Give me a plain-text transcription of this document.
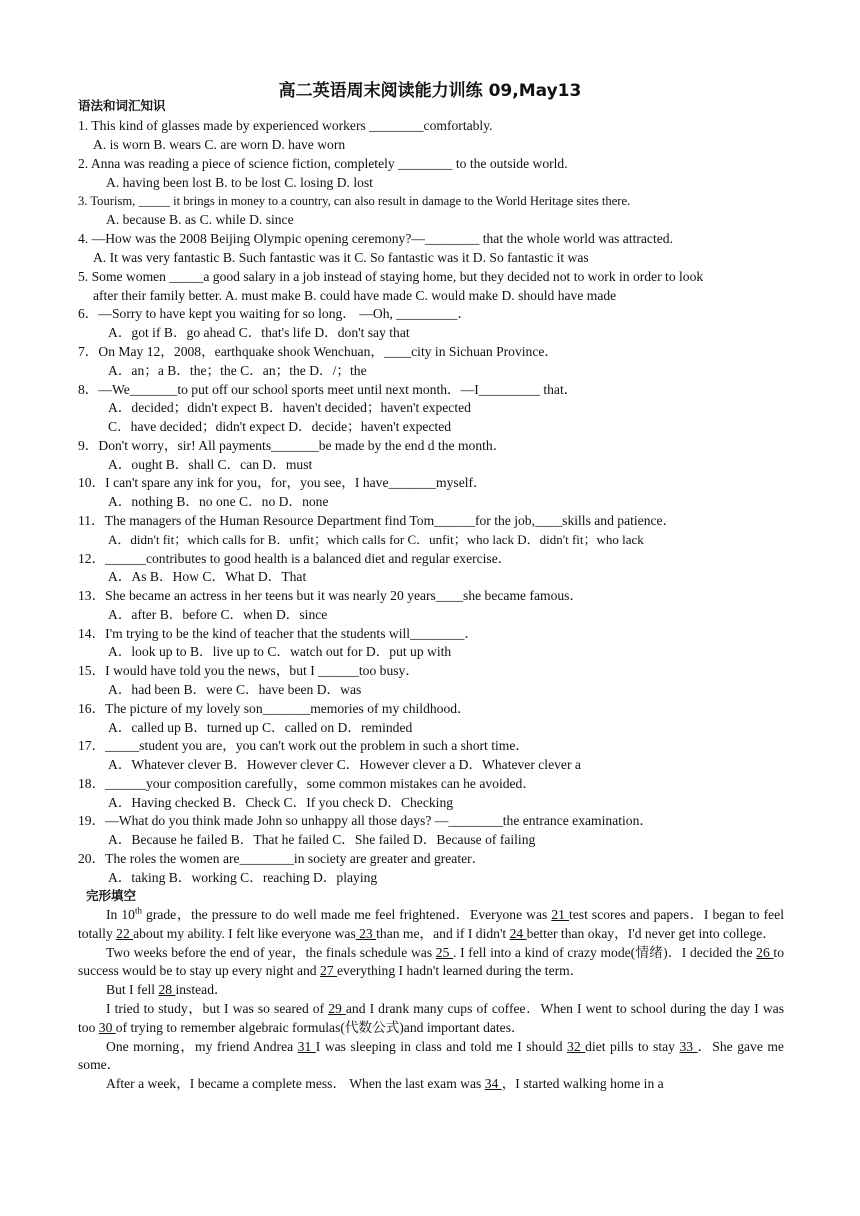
高二英语周末阅读能力训练 09,May13
语法和词汇知识
1. This kind of glasses made by experienced workers ________comfortably.
A. is worn B. wears C. are worn D. have worn
2. Anna was reading a piece of science fiction, completely ________ to the outside world.
A. having been lost B. to be lost C. losing D. lost
3. Tourism, _____ it brings in money to a country, can also result in damage to the World Heritage sites there.
A. because B. as C. while D. since
4. —How was the 2008 Beijing Olympic opening ceremony?—________ that the whole world was attracted.
A. It was very fantastic B. Such fantastic was it C. So fantastic was it D. So fantastic it was
5. Some women _____a good salary in a job instead of staying home, but they decided not to work in order to look
after their family better. A. must make B. could have made C. would make D. should have made
6．—Sorry to have kept you waiting for so long． —Oh, _________．
A．got if B．go ahead C．that's life D．don't say that
7．On May 12，2008，earthquake shook Wenchuan，____city in Sichuan Province．
A．an；a B．the；the C．an；the D．/；the
8．—We_______to put off our school sports meet until next month．—I_________ that．
A．decided；didn't expect B．haven't decided；haven't expected
C．have decided；didn't expect D．decide；haven't expected
9．Don't worry，sir! All payments_______be made by the end d the month．
A．ought B．shall C．can D．must
10．I can't spare any ink for you，for，you see，I have_______myself．
A．nothing B．no one C．no D．none
11．The managers of the Human Resource Department find Tom______for the job,____skills and patience．
A．didn't fit；which calls for B．unfit；which calls for C．unfit；who lack D．didn't fit；who lack
12．______contributes to good health is a balanced diet and regular exercise．
A．As B．How C．What D．That
13．She became an actress in her teens but it was nearly 20 years____she became famous．
A．after B．before C．when D．since
14．I'm trying to be the kind of teacher that the students will________．
A．look up to B．live up to C．watch out for D．put up with
15．I would have told you the news，but I ______too busy．
A．had been B．were C．have been D．was
16．The picture of my lovely son_______memories of my childhood．
A．called up B．turned up C．called on D．reminded
17．_____student you are，you can't work out the problem in such a short time．
A．Whatever clever B．However clever C．However clever a D．Whatever clever a
18．______your composition carefully，some common mistakes can he avoided．
A．Having checked B．Check C．If you check D．Checking
19．—What do you think made John so unhappy all those days? —________the entrance examination．
A．Because he failed B．That he failed C．She failed D．Because of failing
20．The roles the women are________in society are greater and greater．
A．taking B．working C．reaching D．playing
完形填空

In 10th grade，the pressure to do well made me feel frightened．Everyone was 21 test scores and papers．I began to feel totally 22 about my ability. I felt like everyone was 23 than me，and if I didn't 24 better than okay，I'd never get into college．

Two weeks before the end of year，the finals schedule was 25 . I fell into a kind of crazy mode(情绪)．I decided the 26 to success would be to stay up every night and 27 everything I hadn't learned during the term．

But I fell 28 instead．

I tried to study，but I was so seared of 29 and I drank many cups of coffee．When I went to school during the day I was too 30 of trying to remember algebraic formulas(代数公式)and important dates．

One morning，my friend Andrea 31 I was sleeping in class and told me I should 32 diet pills to stay 33 ．She gave me some．

After a week，I became a complete mess． When the last exam was 34 ，I started walking home in a
